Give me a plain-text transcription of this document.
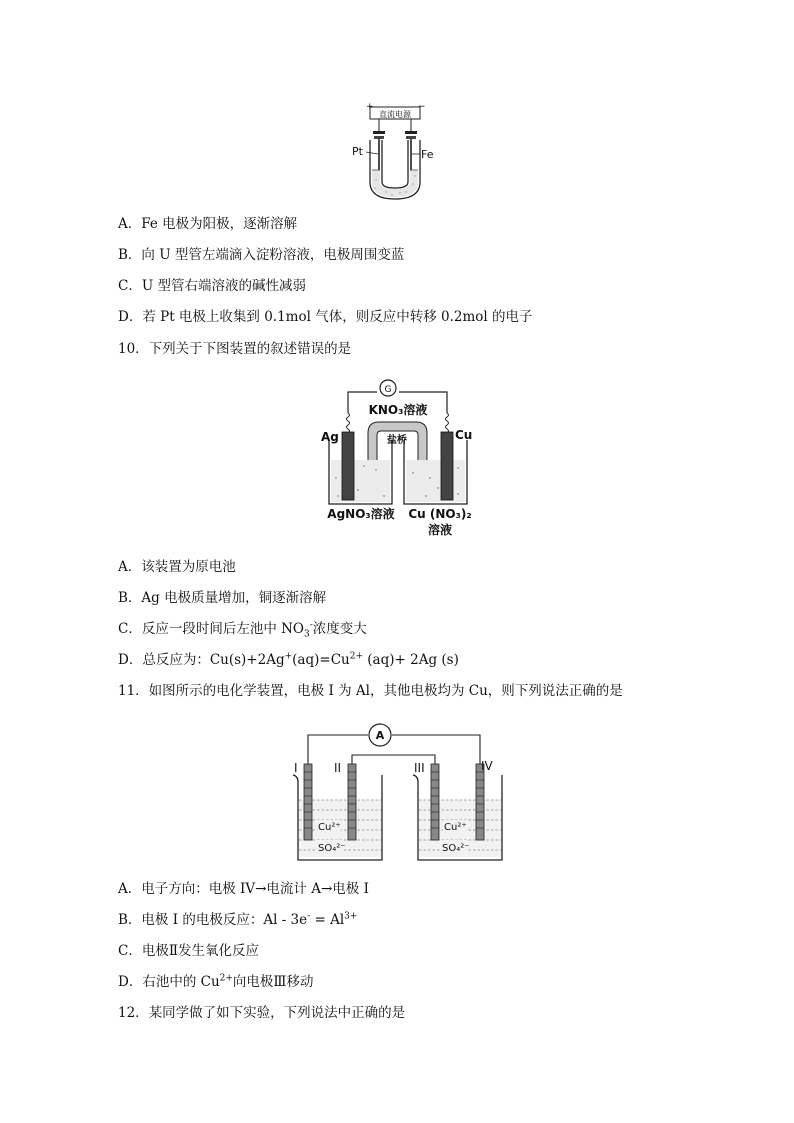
+	−
直流电源
Pt	Fe
A．Fe 电极为阳极，逐渐溶解
B．向 U 型管左端滴入淀粉溶液，电极周围变蓝
C．U 型管右端溶液的碱性减弱
D．若 Pt 电极上收集到 0.1mol 气体，则反应中转移 0.2mol 的电子
10．下列关于下图装置的叙述错误的是
G
KNO₃溶液
盐桥
Ag	Cu
AgNO₃溶液 Cu (NO₃)₂
溶液
A．该装置为原电池
B．Ag 电极质量增加，铜逐渐溶解
C．反应一段时间后左池中 $NO_3^-$浓度变大
D．总反应为：$Cu(s)+2Ag^+(aq)=Cu^{2+}$ (aq)+ 2Ag (s)
11．如图所示的电化学装置，电极 I 为 Al，其他电极均为 Cu，则下列说法正确的是
A
I	II	III	IV
Cu²⁺
SO₄²⁻
Cu²⁺
SO₄²⁻
A．电子方向：电极 IV→电流计 A→电极 I
B．电极 I 的电极反应：$Al - 3e^- = Al^{3+}$
C．电极Ⅱ发生氧化反应
D．右池中的 $Cu^{2+}$向电极Ⅲ移动
12．某同学做了如下实验，下列说法中正确的是
